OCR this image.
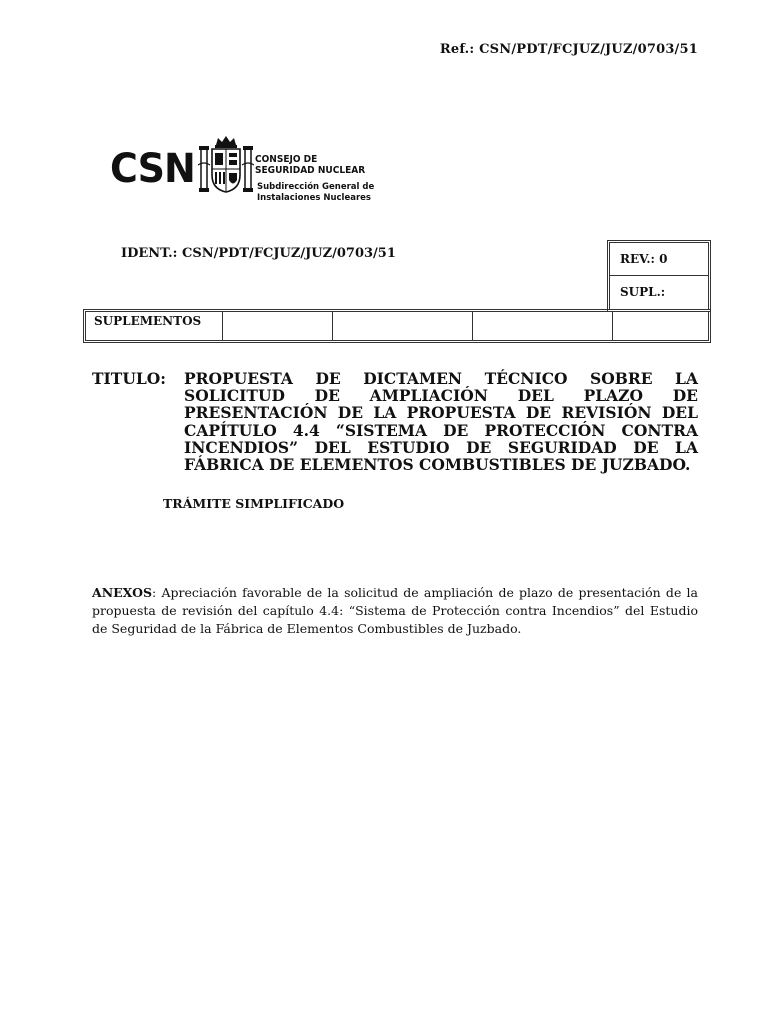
Ref.: CSN/PDT/FCJUZ/JUZ/0703/51
CSN	CONSEJO DE
SEGURIDAD NUCLEAR
Subdirección General de
Instalaciones Nucleares
IDENT.: CSN/PDT/FCJUZ/JUZ/0703/51	REV.: 0
SUPL.:
SUPLEMENTOS
TITULO: PROPUESTA DE DICTAMEN TÉCNICO SOBRE LA SOLICITUD DE AMPLIACIÓN DEL PLAZO DE PRESENTACIÓN DE LA PROPUESTA DE REVISIÓN DEL CAPÍTULO 4.4 “SISTEMA DE PROTECCIÓN CONTRA INCENDIOS” DEL ESTUDIO DE SEGURIDAD DE LA FÁBRICA DE ELEMENTOS COMBUSTIBLES DE JUZBADO.
TRÁMITE SIMPLIFICADO
ANEXOS: Apreciación favorable de la solicitud de ampliación de plazo de presentación de la propuesta de revisión del capítulo 4.4: “Sistema de Protección contra Incendios” del Estudio de Seguridad de la Fábrica de Elementos Combustibles de Juzbado.
